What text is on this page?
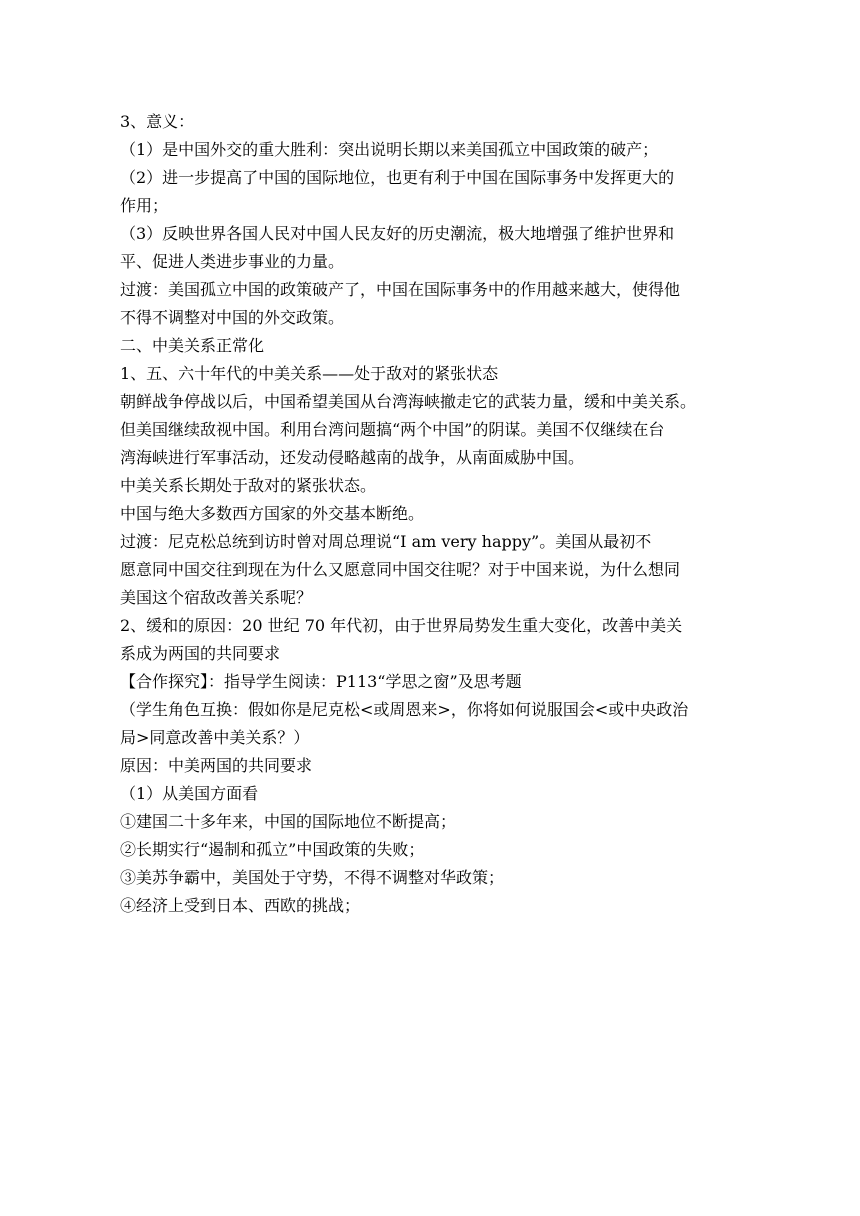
3、意义：
（1）是中国外交的重大胜利：突出说明长期以来美国孤立中国政策的破产；
（2）进一步提高了中国的国际地位，也更有利于中国在国际事务中发挥更大的
作用；
（3）反映世界各国人民对中国人民友好的历史潮流，极大地增强了维护世界和
平、促进人类进步事业的力量。
过渡：美国孤立中国的政策破产了，中国在国际事务中的作用越来越大，使得他
不得不调整对中国的外交政策。
二、中美关系正常化
1、五、六十年代的中美关系——处于敌对的紧张状态
朝鲜战争停战以后，中国希望美国从台湾海峡撤走它的武装力量，缓和中美关系。
但美国继续敌视中国。利用台湾问题搞“两个中国”的阴谋。美国不仅继续在台
湾海峡进行军事活动，还发动侵略越南的战争，从南面威胁中国。
中美关系长期处于敌对的紧张状态。
中国与绝大多数西方国家的外交基本断绝。
过渡：尼克松总统到访时曾对周总理说“I am very happy”。美国从最初不
愿意同中国交往到现在为什么又愿意同中国交往呢？对于中国来说，为什么想同
美国这个宿敌改善关系呢？
2、缓和的原因：20 世纪 70 年代初，由于世界局势发生重大变化，改善中美关
系成为两国的共同要求
【合作探究】：指导学生阅读：P113“学思之窗”及思考题
（学生角色互换：假如你是尼克松<或周恩来>，你将如何说服国会<或中央政治
局>同意改善中美关系？）
原因：中美两国的共同要求
（1）从美国方面看
①建国二十多年来，中国的国际地位不断提高；
②长期实行“遏制和孤立”中国政策的失败；
③美苏争霸中，美国处于守势，不得不调整对华政策；
④经济上受到日本、西欧的挑战；
